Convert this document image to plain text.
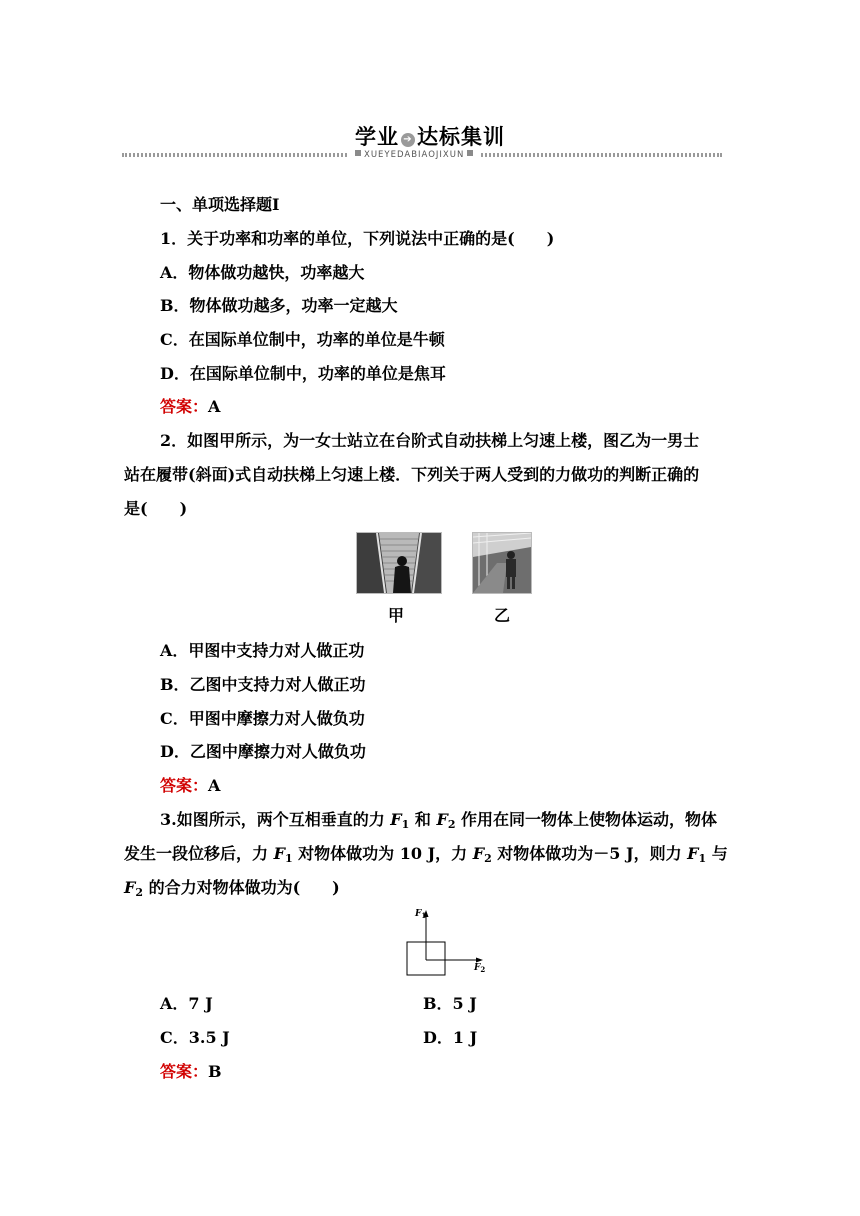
学业 ➔ 达标集训
XUEYEDABIAOJIXUN
一、单项选择题Ⅰ
1．关于功率和功率的单位，下列说法中正确的是(　　)
A．物体做功越快，功率越大
B．物体做功越多，功率一定越大
C．在国际单位制中，功率的单位是牛顿
D．在国际单位制中，功率的单位是焦耳
答案：A
2．如图甲所示，为一女士站立在台阶式自动扶梯上匀速上楼，图乙为一男士
站在履带(斜面)式自动扶梯上匀速上楼．下列关于两人受到的力做功的判断正确的
是(　　)
甲	乙
A．甲图中支持力对人做正功
B．乙图中支持力对人做正功
C．甲图中摩擦力对人做负功
D．乙图中摩擦力对人做负功
答案：A
3.如图所示，两个互相垂直的力 $F_1$ 和 $F_2$ 作用在同一物体上使物体运动，物体
发生一段位移后，力 $F_1$ 对物体做功为 10 J，力 $F_2$ 对物体做功为－5 J，则力 $F_1$ 与
$F_2$ 的合力对物体做功为(　　)
$F_1$
$F_2$
A．7 J	B．5 J
C．3.5 J	D．1 J
答案：B
